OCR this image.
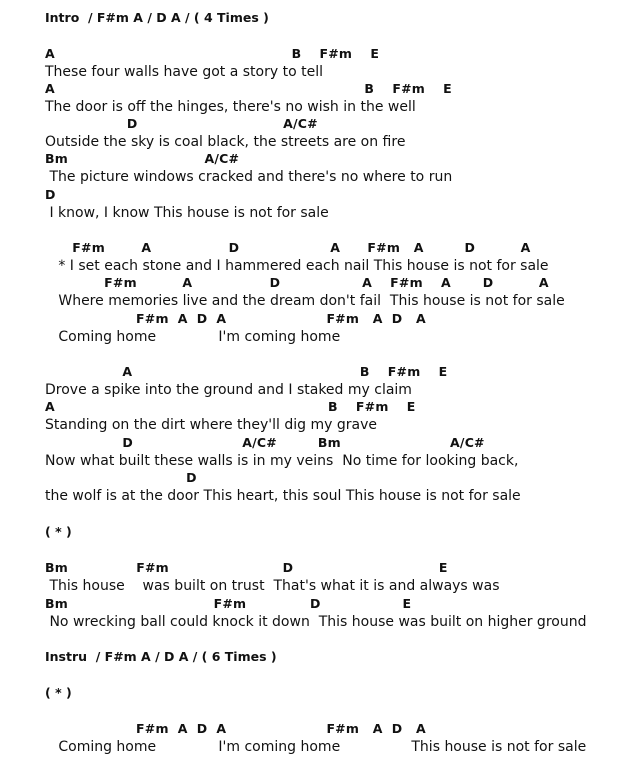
Intro  / F#m A / D A / ( 4 Times )
A                                                    B    F#m    E
These four walls have got a story to tell
A                                                                    B    F#m    E
The door is off the hinges, there's no wish in the well
D                                A/C#
Outside the sky is coal black, the streets are on fire
Bm                              A/C#
The picture windows cracked and there's no where to run
D
I know, I know This house is not for sale
F#m        A                 D                    A      F#m   A         D          A
* I set each stone and I hammered each nail This house is not for sale
F#m          A                 D                  A    F#m    A       D          A
Where memories live and the dream don't fail  This house is not for sale
F#m  A  D  A                      F#m   A  D   A
Coming home              I'm coming home
A                                                  B    F#m    E
Drove a spike into the ground and I staked my claim
A                                                            B    F#m    E
Standing on the dirt where they'll dig my grave
D                        A/C#         Bm                        A/C#
Now what built these walls is in my veins  No time for looking back,
D
the wolf is at the door This heart, this soul This house is not for sale
( * )
Bm               F#m                         D                                E
This house    was built on trust  That's what it is and always was
Bm                                F#m              D                  E
No wrecking ball could knock it down  This house was built on higher ground
Instru  / F#m A / D A / ( 6 Times )
( * )
F#m  A  D  A                      F#m   A  D   A
Coming home              I'm coming home                This house is not for sale
